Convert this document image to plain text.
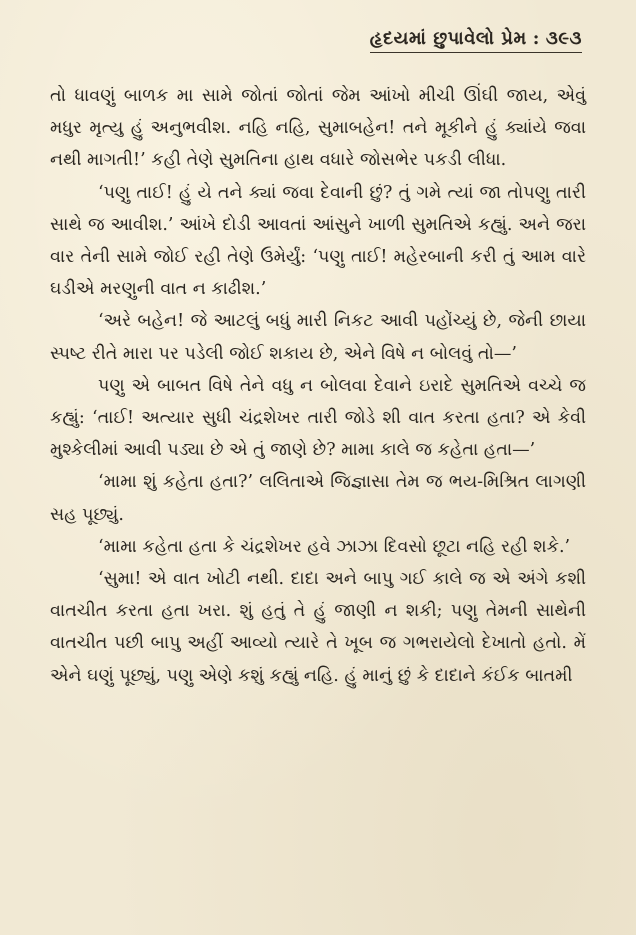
હૃદયમાં છુપાવેલો પ્રેમ : ૩૯૩

તો ધાવણું બાળક મા સામે જોતાં જોતાં જેમ આંખો મીચી ઊંઘી જાય, એવું મધુર મૃત્યુ હું અનુભવીશ. નહિ નહિ, સુમાબહેન! તને મૂકીને હું ક્યાંયે જવા નથી માગતી!’ કહી તેણે સુમતિના હાથ વધારે જોસભેર પકડી લીધા.

‘પણુ તાઈ! હું યે તને ક્યાં જવા દેવાની છું? તું ગમે ત્યાં જા તોપણુ તારી સાથે જ આવીશ.’ આંખે દોડી આવતાં આંસુને ખાળી સુમતિએ કહ્યું. અને જરા વાર તેની સામે જોઈ રહી તેણે ઉમેર્યું: ‘પણુ તાઈ! મહેરબાની કરી તું આમ વારે ઘડીએ મરણુની વાત ન કાઢીશ.’

‘અરે બહેન! જે આટલું બધું મારી નિકટ આવી પહોંચ્યું છે, જેની છાયા સ્પષ્ટ રીતે મારા પર પડેલી જોઈ શકાય છે, એને વિષે ન બોલવું તો—’

પણુ એ બાબત વિષે તેને વધુ ન બોલવા દેવાને ઇરાદે સુમતિએ વચ્ચે જ કહ્યું: ‘તાઈ! અત્યાર સુધી ચંદ્રશેખર તારી જોડે શી વાત કરતા હતા? એ કેવી મુશ્કેલીમાં આવી પડ્યા છે એ તું જાણે છે? મામા કાલે જ કહેતા હતા—’

‘મામા શું કહેતા હતા?’ લલિતાએ જિજ્ઞાસા તેમ જ ભય-મિશ્રિત લાગણી સહ પૂછ્યું.

‘મામા કહેતા હતા કે ચંદ્રશેખર હવે ઝાઝા દિવસો છૂટા નહિ રહી શકે.’

‘સુમા! એ વાત ખોટી નથી. દાદા અને બાપુ ગઈ કાલે જ એ અંગે કશી વાતચીત કરતા હતા ખરા. શું હતું તે હું જાણી ન શકી; પણુ તેમની સાથેની વાતચીત પછી બાપુ અહીં આવ્યો ત્યારે તે ખૂબ જ ગભરાયેલો દેખાતો હતો. મેં એને ઘણું પૂછ્યું, પણુ એણે કશું કહ્યું નહિ. હું માનું છું કે દાદાને કંઈક બાતમી
